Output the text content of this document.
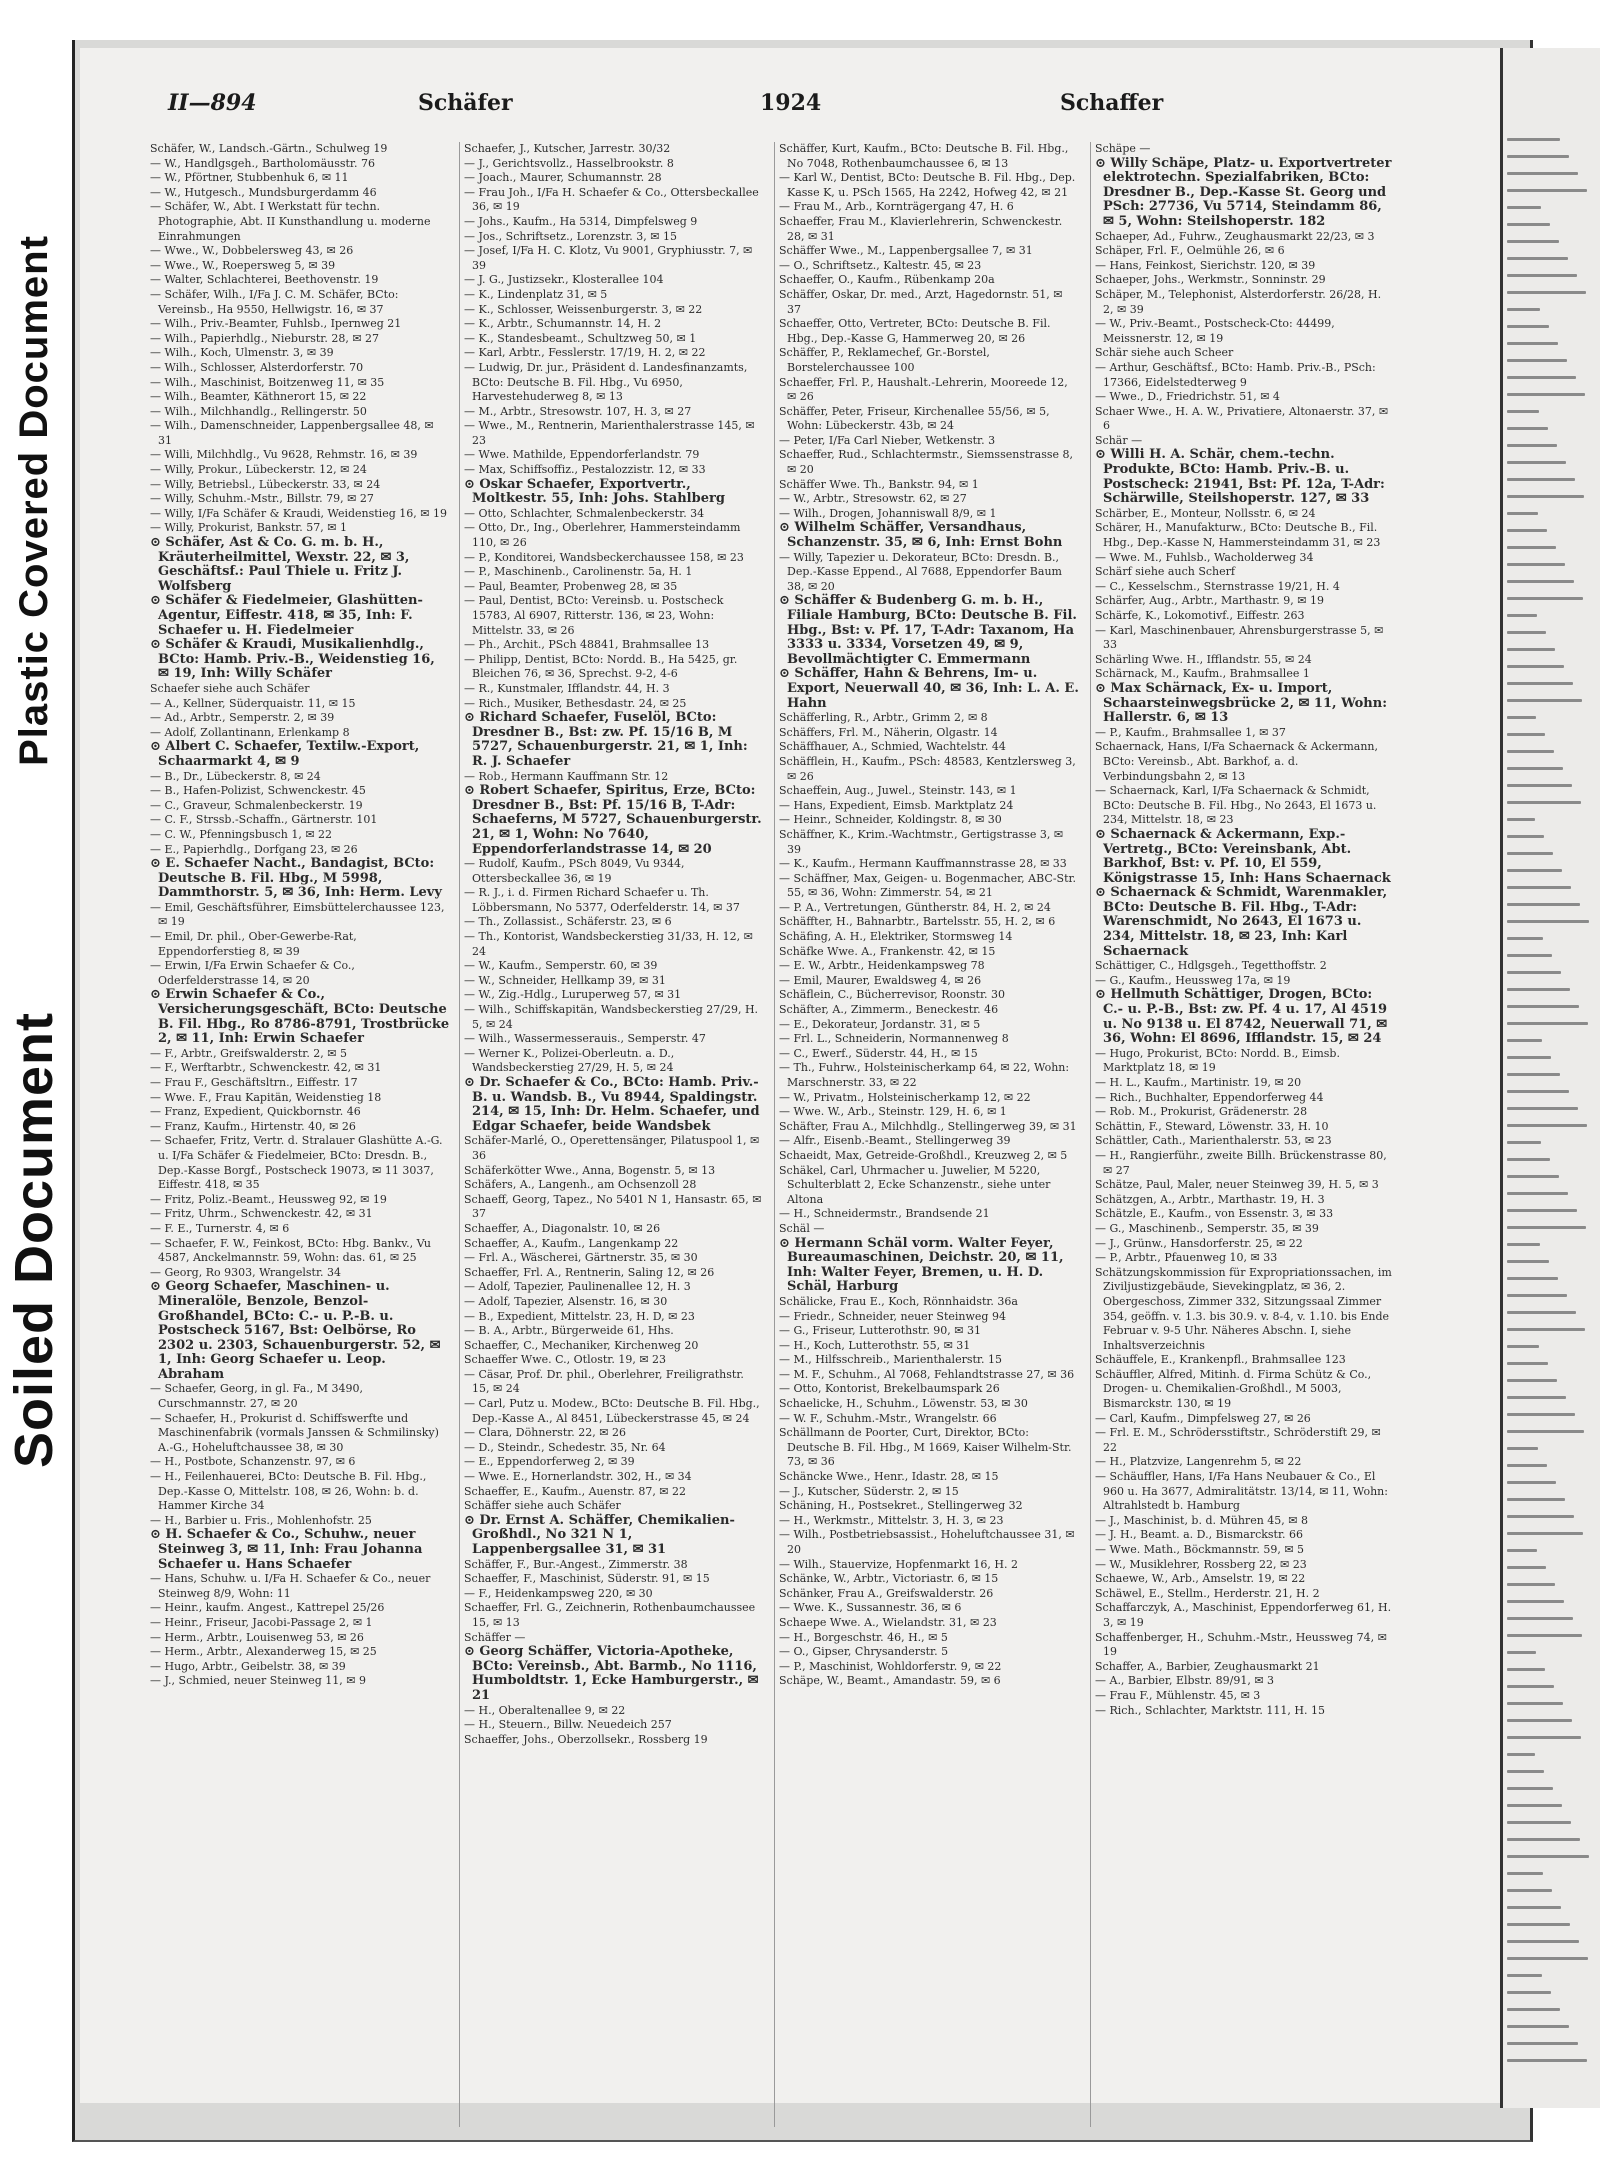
Plastic Covered Document
Soiled Document
II—894	Schäfer	1924	Schaffer

Schäfer, W., Landsch.-Gärtn., Schulweg 19

— W., Handlgsgeh., Bartholomäusstr. 76

— W., Pförtner, Stubbenhuk 6, ✉ 11

— W., Hutgesch., Mundsburgerdamm 46

— Schäfer, W., Abt. I Werkstatt für techn. Photographie, Abt. II Kunsthandlung u. moderne Einrahmungen

— Wwe., W., Dobbelersweg 43, ✉ 26

— Wwe., W., Roepersweg 5, ✉ 39

— Walter, Schlachterei, Beethovenstr. 19

— Schäfer, Wilh., I/Fa J. C. M. Schäfer, BCto: Vereinsb., Ha 9550, Hellwigstr. 16, ✉ 37

— Wilh., Priv.-Beamter, Fuhlsb., Ipernweg 21

— Wilh., Papierhdlg., Nieburstr. 28, ✉ 27

— Wilh., Koch, Ulmenstr. 3, ✉ 39

— Wilh., Schlosser, Alsterdorferstr. 70

— Wilh., Maschinist, Boitzenweg 11, ✉ 35

— Wilh., Beamter, Käthnerort 15, ✉ 22

— Wilh., Milchhandlg., Rellingerstr. 50

— Wilh., Damenschneider, Lappenbergsallee 48, ✉ 31

— Willi, Milchhdlg., Vu 9628, Rehmstr. 16, ✉ 39

— Willy, Prokur., Lübeckerstr. 12, ✉ 24

— Willy, Betriebsl., Lübeckerstr. 33, ✉ 24

— Willy, Schuhm.-Mstr., Billstr. 79, ✉ 27

— Willy, I/Fa Schäfer & Kraudi, Weidenstieg 16, ✉ 19

— Willy, Prokurist, Bankstr. 57, ✉ 1

⊙ Schäfer, Ast & Co. G. m. b. H., Kräuterheilmittel, Wexstr. 22, ✉ 3, Geschäftsf.: Paul Thiele u. Fritz J. Wolfsberg

⊙ Schäfer & Fiedelmeier, Glashütten-Agentur, Eiffestr. 418, ✉ 35, Inh: F. Schaefer u. H. Fiedelmeier

⊙ Schäfer & Kraudi, Musikalienhdlg., BCto: Hamb. Priv.-B., Weidenstieg 16, ✉ 19, Inh: Willy Schäfer

Schaefer siehe auch Schäfer

— A., Kellner, Süderquaistr. 11, ✉ 15

— Ad., Arbtr., Semperstr. 2, ✉ 39

— Adolf, Zollantinann, Erlenkamp 8

⊙ Albert C. Schaefer, Textilw.-Export, Schaarmarkt 4, ✉ 9

— B., Dr., Lübeckerstr. 8, ✉ 24

— B., Hafen-Polizist, Schwenckestr. 45

— C., Graveur, Schmalenbeckerstr. 19

— C. F., Strssb.-Schaffn., Gärtnerstr. 101

— C. W., Pfenningsbusch 1, ✉ 22

— E., Papierhdlg., Dorfgang 23, ✉ 26

⊙ E. Schaefer Nacht., Bandagist, BCto: Deutsche B. Fil. Hbg., M 5998, Dammthorstr. 5, ✉ 36, Inh: Herm. Levy

— Emil, Geschäftsführer, Eimsbüttelerchaussee 123, ✉ 19

— Emil, Dr. phil., Ober-Gewerbe-Rat, Eppendorferstieg 8, ✉ 39

— Erwin, I/Fa Erwin Schaefer & Co., Oderfelderstrasse 14, ✉ 20

⊙ Erwin Schaefer & Co., Versicherungsgeschäft, BCto: Deutsche B. Fil. Hbg., Ro 8786-8791, Trostbrücke 2, ✉ 11, Inh: Erwin Schaefer

— F., Arbtr., Greifswalderstr. 2, ✉ 5

— F., Werftarbtr., Schwenckestr. 42, ✉ 31

— Frau F., Geschäftsltrn., Eiffestr. 17

— Wwe. F., Frau Kapitän, Weidenstieg 18

— Franz, Expedient, Quickbornstr. 46

— Franz, Kaufm., Hirtenstr. 40, ✉ 26

— Schaefer, Fritz, Vertr. d. Stralauer Glashütte A.-G. u. I/Fa Schäfer & Fiedelmeier, BCto: Dresdn. B., Dep.-Kasse Borgf., Postscheck 19073, ✉ 11 3037, Eiffestr. 418, ✉ 35

— Fritz, Poliz.-Beamt., Heussweg 92, ✉ 19

— Fritz, Uhrm., Schwenckestr. 42, ✉ 31

— F. E., Turnerstr. 4, ✉ 6

— Schaefer, F. W., Feinkost, BCto: Hbg. Bankv., Vu 4587, Anckelmannstr. 59, Wohn: das. 61, ✉ 25

— Georg, Ro 9303, Wrangelstr. 34

⊙ Georg Schaefer, Maschinen- u. Mineralöle, Benzole, Benzol-Großhandel, BCto: C.- u. P.-B. u. Postscheck 5167, Bst: Oelbörse, Ro 2302 u. 2303, Schauenburgerstr. 52, ✉ 1, Inh: Georg Schaefer u. Leop. Abraham

— Schaefer, Georg, in gl. Fa., M 3490, Curschmannstr. 27, ✉ 20

— Schaefer, H., Prokurist d. Schiffswerfte und Maschinenfabrik (vormals Janssen & Schmilinsky) A.-G., Hoheluftchaussee 38, ✉ 30

— H., Postbote, Schanzenstr. 97, ✉ 6

— H., Feilenhauerei, BCto: Deutsche B. Fil. Hbg., Dep.-Kasse O, Mittelstr. 108, ✉ 26, Wohn: b. d. Hammer Kirche 34

— H., Barbier u. Fris., Mohlenhofstr. 25

⊙ H. Schaefer & Co., Schuhw., neuer Steinweg 3, ✉ 11, Inh: Frau Johanna Schaefer u. Hans Schaefer

— Hans, Schuhw. u. I/Fa H. Schaefer & Co., neuer Steinweg 8/9, Wohn: 11

— Heinr., kaufm. Angest., Kattrepel 25/26

— Heinr., Friseur, Jacobi-Passage 2, ✉ 1

— Herm., Arbtr., Louisenweg 53, ✉ 26

— Herm., Arbtr., Alexanderweg 15, ✉ 25

— Hugo, Arbtr., Geibelstr. 38, ✉ 39

— J., Schmied, neuer Steinweg 11, ✉ 9

Schaefer, J., Kutscher, Jarrestr. 30/32

— J., Gerichtsvollz., Hasselbrookstr. 8

— Joach., Maurer, Schumannstr. 28

— Frau Joh., I/Fa H. Schaefer & Co., Ottersbeckallee 36, ✉ 19

— Johs., Kaufm., Ha 5314, Dimpfelsweg 9

— Jos., Schriftsetz., Lorenzstr. 3, ✉ 15

— Josef, I/Fa H. C. Klotz, Vu 9001, Gryphiusstr. 7, ✉ 39

— J. G., Justizsekr., Klosterallee 104

— K., Lindenplatz 31, ✉ 5

— K., Schlosser, Weissenburgerstr. 3, ✉ 22

— K., Arbtr., Schumannstr. 14, H. 2

— K., Standesbeamt., Schultzweg 50, ✉ 1

— Karl, Arbtr., Fesslerstr. 17/19, H. 2, ✉ 22

— Ludwig, Dr. jur., Präsident d. Landesfinanzamts, BCto: Deutsche B. Fil. Hbg., Vu 6950, Harvestehuderweg 8, ✉ 13

— M., Arbtr., Stresowstr. 107, H. 3, ✉ 27

— Wwe., M., Rentnerin, Marienthalerstrasse 145, ✉ 23

— Wwe. Mathilde, Eppendorferlandstr. 79

— Max, Schiffsoffiz., Pestalozzistr. 12, ✉ 33

⊙ Oskar Schaefer, Exportvertr., Moltkestr. 55, Inh: Johs. Stahlberg

— Otto, Schlachter, Schmalenbeckerstr. 34

— Otto, Dr., Ing., Oberlehrer, Hammersteindamm 110, ✉ 26

— P., Konditorei, Wandsbeckerchaussee 158, ✉ 23

— P., Maschinenb., Carolinenstr. 5a, H. 1

— Paul, Beamter, Probenweg 28, ✉ 35

— Paul, Dentist, BCto: Vereinsb. u. Postscheck 15783, Al 6907, Ritterstr. 136, ✉ 23, Wohn: Mittelstr. 33, ✉ 26

— Ph., Archit., PSch 48841, Brahmsallee 13

— Philipp, Dentist, BCto: Nordd. B., Ha 5425, gr. Bleichen 76, ✉ 36, Sprechst. 9-2, 4-6

— R., Kunstmaler, Ifflandstr. 44, H. 3

— Rich., Musiker, Bethesdastr. 24, ✉ 25

⊙ Richard Schaefer, Fuselöl, BCto: Dresdner B., Bst: zw. Pf. 15/16 B, M 5727, Schauenburgerstr. 21, ✉ 1, Inh: R. J. Schaefer

— Rob., Hermann Kauffmann Str. 12

⊙ Robert Schaefer, Spiritus, Erze, BCto: Dresdner B., Bst: Pf. 15/16 B, T-Adr: Schaeferns, M 5727, Schauenburgerstr. 21, ✉ 1, Wohn: No 7640, Eppendorferlandstrasse 14, ✉ 20

— Rudolf, Kaufm., PSch 8049, Vu 9344, Ottersbeckallee 36, ✉ 19

— R. J., i. d. Firmen Richard Schaefer u. Th. Löbbersmann, No 5377, Oderfelderstr. 14, ✉ 37

— Th., Zollassist., Schäferstr. 23, ✉ 6

— Th., Kontorist, Wandsbeckerstieg 31/33, H. 12, ✉ 24

— W., Kaufm., Semperstr. 60, ✉ 39

— W., Schneider, Hellkamp 39, ✉ 31

— W., Zig.-Hdlg., Luruperweg 57, ✉ 31

— Wilh., Schiffskapitän, Wandsbeckerstieg 27/29, H. 5, ✉ 24

— Wilh., Wassermesserauis., Semperstr. 47

— Werner K., Polizei-Oberleutn. a. D., Wandsbeckerstieg 27/29, H. 5, ✉ 24

⊙ Dr. Schaefer & Co., BCto: Hamb. Priv.-B. u. Wandsb. B., Vu 8944, Spaldingstr. 214, ✉ 15, Inh: Dr. Helm. Schaefer, und Edgar Schaefer, beide Wandsbek

Schäfer-Marlé, O., Operettensänger, Pilatuspool 1, ✉ 36

Schäferkötter Wwe., Anna, Bogenstr. 5, ✉ 13

Schäfers, A., Langenh., am Ochsenzoll 28

Schaeff, Georg, Tapez., No 5401 N 1, Hansastr. 65, ✉ 37

Schaeffer, A., Diagonalstr. 10, ✉ 26

Schaeffer, A., Kaufm., Langenkamp 22

— Frl. A., Wäscherei, Gärtnerstr. 35, ✉ 30

Schaeffer, Frl. A., Rentnerin, Saling 12, ✉ 26

— Adolf, Tapezier, Paulinenallee 12, H. 3

— Adolf, Tapezier, Alsenstr. 16, ✉ 30

— B., Expedient, Mittelstr. 23, H. D, ✉ 23

— B. A., Arbtr., Bürgerweide 61, Hhs.

Schaeffer, C., Mechaniker, Kirchenweg 20

Schaeffer Wwe. C., Otlostr. 19, ✉ 23

— Cäsar, Prof. Dr. phil., Oberlehrer, Freiligrathstr. 15, ✉ 24

— Carl, Putz u. Modew., BCto: Deutsche B. Fil. Hbg., Dep.-Kasse A., Al 8451, Lübeckerstrasse 45, ✉ 24

— Clara, Döhnerstr. 22, ✉ 26

— D., Steindr., Schedestr. 35, Nr. 64

— E., Eppendorferweg 2, ✉ 39

— Wwe. E., Hornerlandstr. 302, H., ✉ 34

Schaeffer, E., Kaufm., Auenstr. 87, ✉ 22

Schäffer siehe auch Schäfer

⊙ Dr. Ernst A. Schäffer, Chemikalien-Großhdl., No 321 N 1, Lappenbergsallee 31, ✉ 31

Schäffer, F., Bur.-Angest., Zimmerstr. 38

Schaeffer, F., Maschinist, Süderstr. 91, ✉ 15

— F., Heidenkampsweg 220, ✉ 30

Schaeffer, Frl. G., Zeichnerin, Rothenbaumchaussee 15, ✉ 13

Schäffer —

⊙ Georg Schäffer, Victoria-Apotheke, BCto: Vereinsb., Abt. Barmb., No 1116, Humboldtstr. 1, Ecke Hamburgerstr., ✉ 21

— H., Oberaltenallee 9, ✉ 22

— H., Steuern., Billw. Neuedeich 257

Schaeffer, Johs., Oberzollsekr., Rossberg 19

Schäffer, Kurt, Kaufm., BCto: Deutsche B. Fil. Hbg., No 7048, Rothenbaumchaussee 6, ✉ 13

— Karl W., Dentist, BCto: Deutsche B. Fil. Hbg., Dep. Kasse K, u. PSch 1565, Ha 2242, Hofweg 42, ✉ 21

— Frau M., Arb., Kornträgergang 47, H. 6

Schaeffer, Frau M., Klavierlehrerin, Schwenckestr. 28, ✉ 31

Schäffer Wwe., M., Lappenbergsallee 7, ✉ 31

— O., Schriftsetz., Kaltestr. 45, ✉ 23

Schaeffer, O., Kaufm., Rübenkamp 20a

Schäffer, Oskar, Dr. med., Arzt, Hagedornstr. 51, ✉ 37

Schaeffer, Otto, Vertreter, BCto: Deutsche B. Fil. Hbg., Dep.-Kasse G, Hammerweg 20, ✉ 26

Schäffer, P., Reklamechef, Gr.-Borstel, Borstelerchaussee 100

Schaeffer, Frl. P., Haushalt.-Lehrerin, Mooreede 12, ✉ 26

Schäffer, Peter, Friseur, Kirchenallee 55/56, ✉ 5, Wohn: Lübeckerstr. 43b, ✉ 24

— Peter, I/Fa Carl Nieber, Wetkenstr. 3

Schaeffer, Rud., Schlachtermstr., Siemssenstrasse 8, ✉ 20

Schäffer Wwe. Th., Bankstr. 94, ✉ 1

— W., Arbtr., Stresowstr. 62, ✉ 27

— Wilh., Drogen, Johanniswall 8/9, ✉ 1

⊙ Wilhelm Schäffer, Versandhaus, Schanzenstr. 35, ✉ 6, Inh: Ernst Bohn

— Willy, Tapezier u. Dekorateur, BCto: Dresdn. B., Dep.-Kasse Eppend., Al 7688, Eppendorfer Baum 38, ✉ 20

⊙ Schäffer & Budenberg G. m. b. H., Filiale Hamburg, BCto: Deutsche B. Fil. Hbg., Bst: v. Pf. 17, T-Adr: Taxanom, Ha 3333 u. 3334, Vorsetzen 49, ✉ 9, Bevollmächtigter C. Emmermann

⊙ Schäffer, Hahn & Behrens, Im- u. Export, Neuerwall 40, ✉ 36, Inh: L. A. E. Hahn

Schäfferling, R., Arbtr., Grimm 2, ✉ 8

Schäffers, Frl. M., Näherin, Olgastr. 14

Schäffhauer, A., Schmied, Wachtelstr. 44

Schäfflein, H., Kaufm., PSch: 48583, Kentzlersweg 3, ✉ 26

Schaeffein, Aug., Juwel., Steinstr. 143, ✉ 1

— Hans, Expedient, Eimsb. Marktplatz 24

— Heinr., Schneider, Koldingstr. 8, ✉ 30

Schäffner, K., Krim.-Wachtmstr., Gertigstrasse 3, ✉ 39

— K., Kaufm., Hermann Kauffmannstrasse 28, ✉ 33

— Schäffner, Max, Geigen- u. Bogenmacher, ABC-Str. 55, ✉ 36, Wohn: Zimmerstr. 54, ✉ 21

— P. A., Vertretungen, Güntherstr. 84, H. 2, ✉ 24

Schäffter, H., Bahnarbtr., Bartelsstr. 55, H. 2, ✉ 6

Schäfing, A. H., Elektriker, Stormsweg 14

Schäfke Wwe. A., Frankenstr. 42, ✉ 15

— E. W., Arbtr., Heidenkampsweg 78

— Emil, Maurer, Ewaldsweg 4, ✉ 26

Schäflein, C., Bücherrevisor, Roonstr. 30

Schäfter, A., Zimmerm., Beneckestr. 46

— E., Dekorateur, Jordanstr. 31, ✉ 5

— Frl. L., Schneiderin, Normannenweg 8

— C., Ewerf., Süderstr. 44, H., ✉ 15

— Th., Fuhrw., Holsteinischerkamp 64, ✉ 22, Wohn: Marschnerstr. 33, ✉ 22

— W., Privatm., Holsteinischerkamp 12, ✉ 22

— Wwe. W., Arb., Steinstr. 129, H. 6, ✉ 1

Schäfter, Frau A., Milchhdlg., Stellingerweg 39, ✉ 31

— Alfr., Eisenb.-Beamt., Stellingerweg 39

Schaeidt, Max, Getreide-Großhdl., Kreuzweg 2, ✉ 5

Schäkel, Carl, Uhrmacher u. Juwelier, M 5220, Schulterblatt 2, Ecke Schanzenstr., siehe unter Altona

— H., Schneidermstr., Brandsende 21

Schäl —

⊙ Hermann Schäl vorm. Walter Feyer, Bureaumaschinen, Deichstr. 20, ✉ 11, Inh: Walter Feyer, Bremen, u. H. D. Schäl, Harburg

Schälicke, Frau E., Koch, Rönnhaidstr. 36a

— Friedr., Schneider, neuer Steinweg 94

— G., Friseur, Lutterothstr. 90, ✉ 31

— H., Koch, Lutterothstr. 55, ✉ 31

— M., Hilfsschreib., Marienthalerstr. 15

— M. F., Schuhm., Al 7068, Fehlandtstrasse 27, ✉ 36

— Otto, Kontorist, Brekelbaumspark 26

Schaelicke, H., Schuhm., Löwenstr. 53, ✉ 30

— W. F., Schuhm.-Mstr., Wrangelstr. 66

Schällmann de Poorter, Curt, Direktor, BCto: Deutsche B. Fil. Hbg., M 1669, Kaiser Wilhelm-Str. 73, ✉ 36

Schäncke Wwe., Henr., Idastr. 28, ✉ 15

— J., Kutscher, Süderstr. 2, ✉ 15

Schäning, H., Postsekret., Stellingerweg 32

— H., Werkmstr., Mittelstr. 3, H. 3, ✉ 23

— Wilh., Postbetriebsassist., Hoheluftchaussee 31, ✉ 20

— Wilh., Stauervize, Hopfenmarkt 16, H. 2

Schänke, W., Arbtr., Victoriastr. 6, ✉ 15

Schänker, Frau A., Greifswalderstr. 26

— Wwe. K., Sussannestr. 36, ✉ 6

Schaepe Wwe. A., Wielandstr. 31, ✉ 23

— H., Borgeschstr. 46, H., ✉ 5

— O., Gipser, Chrysanderstr. 5

— P., Maschinist, Wohldorferstr. 9, ✉ 22

Schäpe, W., Beamt., Amandastr. 59, ✉ 6

Schäpe —

⊙ Willy Schäpe, Platz- u. Exportvertreter elektrotechn. Spezialfabriken, BCto: Dresdner B., Dep.-Kasse St. Georg und PSch: 27736, Vu 5714, Steindamm 86, ✉ 5, Wohn: Steilshoperstr. 182

Schaeper, Ad., Fuhrw., Zeughausmarkt 22/23, ✉ 3

Schäper, Frl. F., Oelmühle 26, ✉ 6

— Hans, Feinkost, Sierichstr. 120, ✉ 39

Schaeper, Johs., Werkmstr., Sonninstr. 29

Schäper, M., Telephonist, Alsterdorferstr. 26/28, H. 2, ✉ 39

— W., Priv.-Beamt., Postscheck-Cto: 44499, Meissnerstr. 12, ✉ 19

Schär siehe auch Scheer

— Arthur, Geschäftsf., BCto: Hamb. Priv.-B., PSch: 17366, Eidelstedterweg 9

— Wwe., D., Friedrichstr. 51, ✉ 4

Schaer Wwe., H. A. W., Privatiere, Altonaerstr. 37, ✉ 6

Schär —

⊙ Willi H. A. Schär, chem.-techn. Produkte, BCto: Hamb. Priv.-B. u. Postscheck: 21941, Bst: Pf. 12a, T-Adr: Schärwille, Steilshoperstr. 127, ✉ 33

Schärber, E., Monteur, Nollsstr. 6, ✉ 24

Schärer, H., Manufakturw., BCto: Deutsche B., Fil. Hbg., Dep.-Kasse N, Hammersteindamm 31, ✉ 23

— Wwe. M., Fuhlsb., Wacholderweg 34

Schärf siehe auch Scherf

— C., Kesselschm., Sternstrasse 19/21, H. 4

Schärfer, Aug., Arbtr., Marthastr. 9, ✉ 19

Schärfe, K., Lokomotivf., Eiffestr. 263

— Karl, Maschinenbauer, Ahrensburgerstrasse 5, ✉ 33

Schärling Wwe. H., Ifflandstr. 55, ✉ 24

Schärnack, M., Kaufm., Brahmsallee 1

⊙ Max Schärnack, Ex- u. Import, Schaarsteinwegsbrücke 2, ✉ 11, Wohn: Hallerstr. 6, ✉ 13

— P., Kaufm., Brahmsallee 1, ✉ 37

Schaernack, Hans, I/Fa Schaernack & Ackermann, BCto: Vereinsb., Abt. Barkhof, a. d. Verbindungsbahn 2, ✉ 13

— Schaernack, Karl, I/Fa Schaernack & Schmidt, BCto: Deutsche B. Fil. Hbg., No 2643, El 1673 u. 234, Mittelstr. 18, ✉ 23

⊙ Schaernack & Ackermann, Exp.-Vertretg., BCto: Vereinsbank, Abt. Barkhof, Bst: v. Pf. 10, El 559, Königstrasse 15, Inh: Hans Schaernack

⊙ Schaernack & Schmidt, Warenmakler, BCto: Deutsche B. Fil. Hbg., T-Adr: Warenschmidt, No 2643, El 1673 u. 234, Mittelstr. 18, ✉ 23, Inh: Karl Schaernack

Schättiger, C., Hdlgsgeh., Tegetthoffstr. 2

— G., Kaufm., Heussweg 17a, ✉ 19

⊙ Hellmuth Schättiger, Drogen, BCto: C.- u. P.-B., Bst: zw. Pf. 4 u. 17, Al 4519 u. No 9138 u. El 8742, Neuerwall 71, ✉ 36, Wohn: El 8696, Ifflandstr. 15, ✉ 24

— Hugo, Prokurist, BCto: Nordd. B., Eimsb. Marktplatz 18, ✉ 19

— H. L., Kaufm., Martinistr. 19, ✉ 20

— Rich., Buchhalter, Eppendorferweg 44

— Rob. M., Prokurist, Grädenerstr. 28

Schättin, F., Steward, Löwenstr. 33, H. 10

Schättler, Cath., Marienthalerstr. 53, ✉ 23

— H., Rangierführ., zweite Billh. Brückenstrasse 80, ✉ 27

Schätze, Paul, Maler, neuer Steinweg 39, H. 5, ✉ 3

Schätzgen, A., Arbtr., Marthastr. 19, H. 3

Schätzle, E., Kaufm., von Essenstr. 3, ✉ 33

— G., Maschinenb., Semperstr. 35, ✉ 39

— J., Grünw., Hansdorferstr. 25, ✉ 22

— P., Arbtr., Pfauenweg 10, ✉ 33

Schätzungskommission für Expropriationssachen, im Ziviljustizgebäude, Sievekingplatz, ✉ 36, 2. Obergeschoss, Zimmer 332, Sitzungssaal Zimmer 354, geöffn. v. 1.3. bis 30.9. v. 8-4, v. 1.10. bis Ende Februar v. 9-5 Uhr. Näheres Abschn. I, siehe Inhaltsverzeichnis

Schäuffele, E., Krankenpfl., Brahmsallee 123

Schäuffler, Alfred, Mitinh. d. Firma Schütz & Co., Drogen- u. Chemikalien-Großhdl., M 5003, Bismarckstr. 130, ✉ 19

— Carl, Kaufm., Dimpfelsweg 27, ✉ 26

— Frl. E. M., Schrödersstiftstr., Schröderstift 29, ✉ 22

— H., Platzvize, Langenrehm 5, ✉ 22

— Schäuffler, Hans, I/Fa Hans Neubauer & Co., El 960 u. Ha 3677, Admiralitätstr. 13/14, ✉ 11, Wohn: Altrahlstedt b. Hamburg

— J., Maschinist, b. d. Mühren 45, ✉ 8

— J. H., Beamt. a. D., Bismarckstr. 66

— Wwe. Math., Böckmannstr. 59, ✉ 5

— W., Musiklehrer, Rossberg 22, ✉ 23

Schaewe, W., Arb., Amselstr. 19, ✉ 22

Schäwel, E., Stellm., Herderstr. 21, H. 2

Schaffarczyk, A., Maschinist, Eppendorferweg 61, H. 3, ✉ 19

Schaffenberger, H., Schuhm.-Mstr., Heussweg 74, ✉ 19

Schaffer, A., Barbier, Zeughausmarkt 21

— A., Barbier, Elbstr. 89/91, ✉ 3

— Frau F., Mühlenstr. 45, ✉ 3

— Rich., Schlachter, Marktstr. 111, H. 15
